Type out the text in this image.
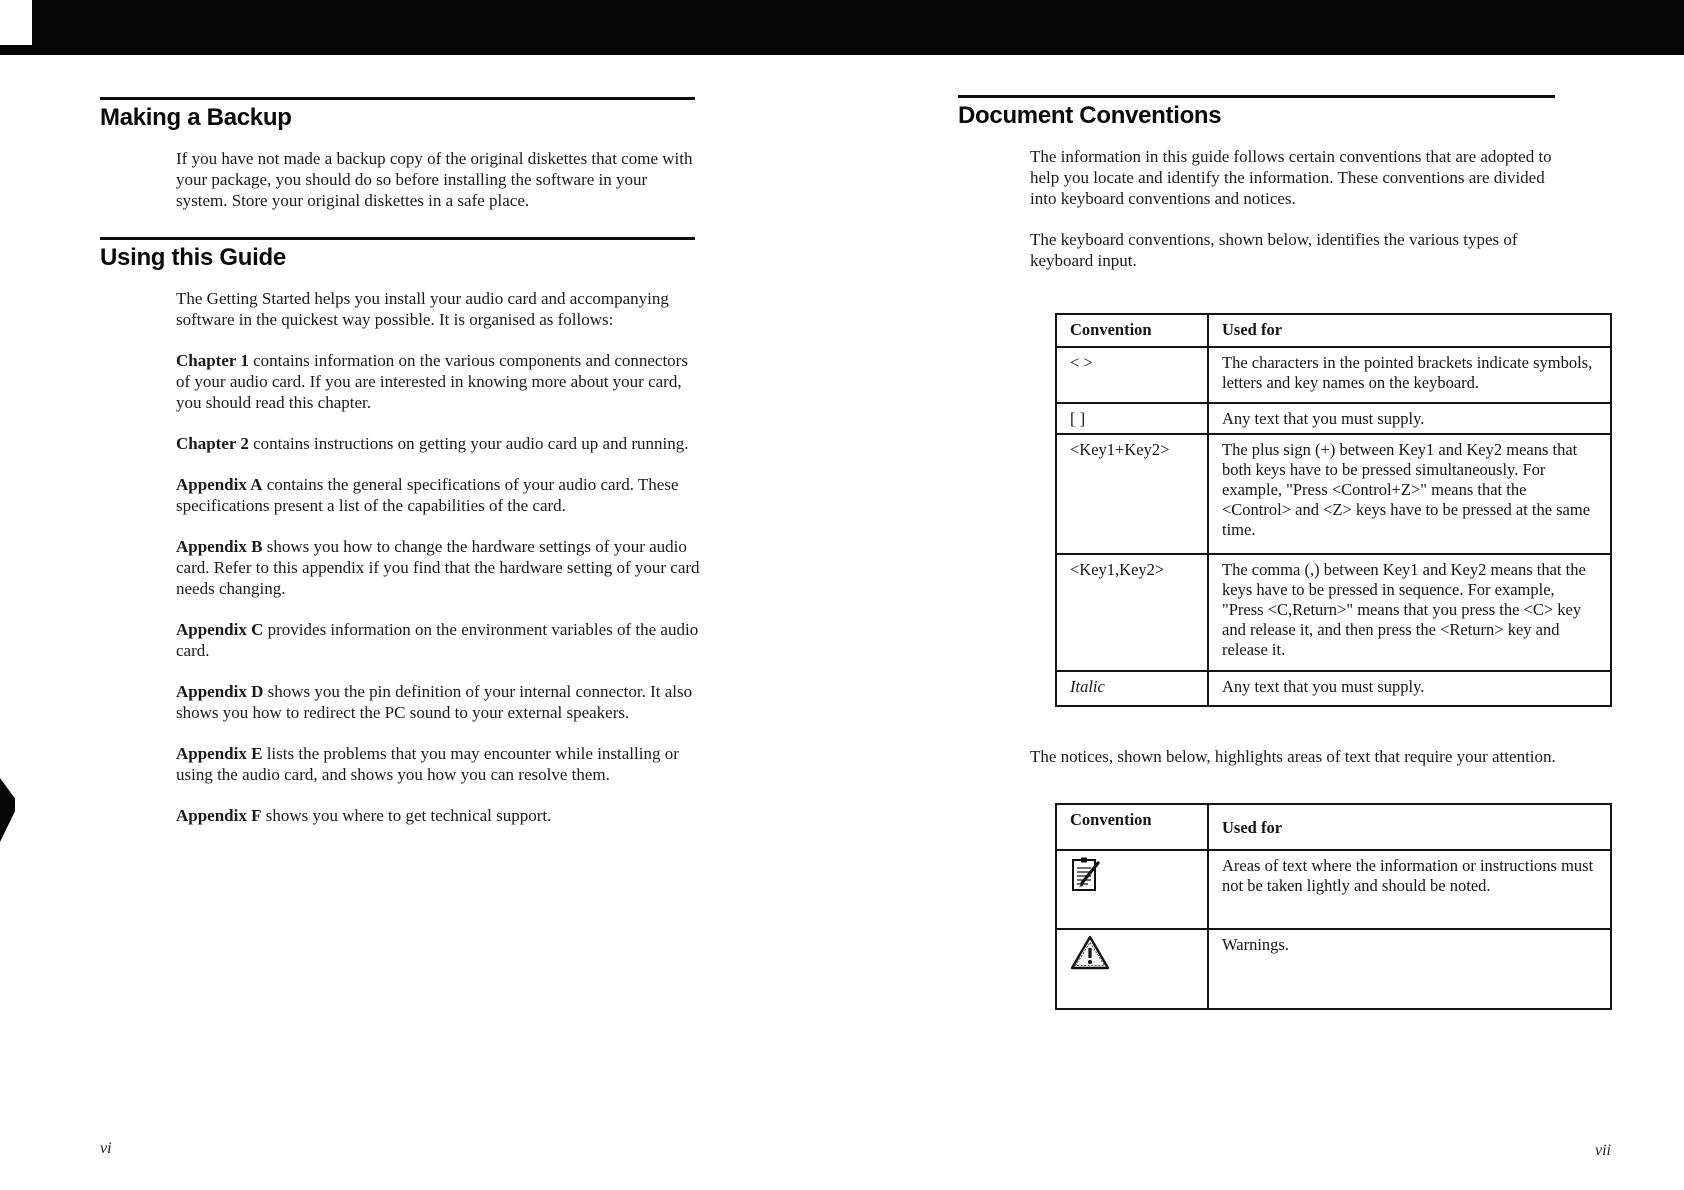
Making a Backup

If you have not made a backup copy of the original diskettes that come with your package, you should do so before installing the software in your system. Store your original diskettes in a safe place.

Using this Guide

The Getting Started helps you install your audio card and accompanying software in the quickest way possible. It is organised as follows:

Chapter 1 contains information on the various components and connectors of your audio card. If you are interested in knowing more about your card, you should read this chapter.

Chapter 2 contains instructions on getting your audio card up and running.

Appendix A contains the general specifications of your audio card. These specifications present a list of the capabilities of the card.

Appendix B shows you how to change the hardware settings of your audio card. Refer to this appendix if you find that the hardware setting of your card needs changing.

Appendix C provides information on the environment variables of the audio card.

Appendix D shows you the pin definition of your internal connector. It also shows you how to redirect the PC sound to your external speakers.

Appendix E lists the problems that you may encounter while installing or using the audio card, and shows you how you can resolve them.

Appendix F shows you where to get technical support.

vi
Document Conventions

The information in this guide follows certain conventions that are adopted to help you locate and identify the information. These conventions are divided into keyboard conventions and notices.

The keyboard conventions, shown below, identifies the various types of keyboard input.

Convention	Used for
< >	The characters in the pointed brackets indicate symbols, letters and key names on the keyboard.
[ ]	Any text that you must supply.
<Key1+Key2>	The plus sign (+) between Key1 and Key2 means that both keys have to be pressed simultaneously. For example, "Press <Control+Z>" means that the <Control> and <Z> keys have to be pressed at the same time.
<Key1,Key2>	The comma (,) between Key1 and Key2 means that the keys have to be pressed in sequence. For example, "Press <C,Return>" means that you press the <C> key and release it, and then press the <Return> key and release it.
Italic	Any text that you must supply.

The notices, shown below, highlights areas of text that require your attention.

Convention	Used for
	Areas of text where the information or instructions must not be taken lightly and should be noted.
	Warnings.
vii
